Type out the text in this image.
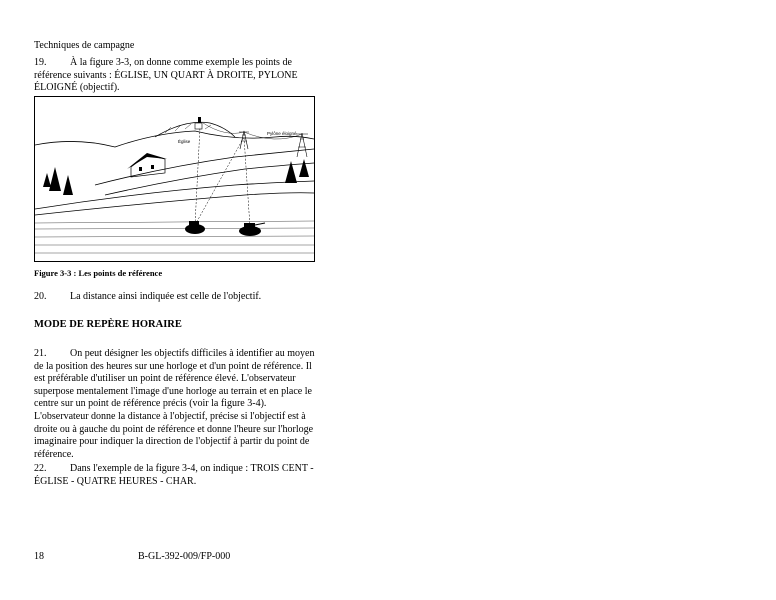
Techniques de campagne
19. À la figure 3-3, on donne comme exemple les points de référence suivants : ÉGLISE, UN QUART À DROITE, PYLONE ÉLOIGNÉ (objectif).
Église
Pylône éloigné
Figure 3-3 : Les points de référence
20. La distance ainsi indiquée est celle de l'objectif.
MODE DE REPÈRE HORAIRE
21. On peut désigner les objectifs difficiles à identifier au moyen de la position des heures sur une horloge et d'un point de référence. Il est préférable d'utiliser un point de référence élevé. L'observateur superpose mentalement l'image d'une horloge au terrain et en place le centre sur un point de référence précis (voir la figure 3-4). L'observateur donne la distance à l'objectif, précise si l'objectif est à droite ou à gauche du point de référence et donne l'heure sur l'horloge imaginaire pour indiquer la direction de l'objectif à partir du point de référence.
22. Dans l'exemple de la figure 3-4, on indique : TROIS CENT - ÉGLISE - QUATRE HEURES - CHAR.
18	B-GL-392-009/FP-000
